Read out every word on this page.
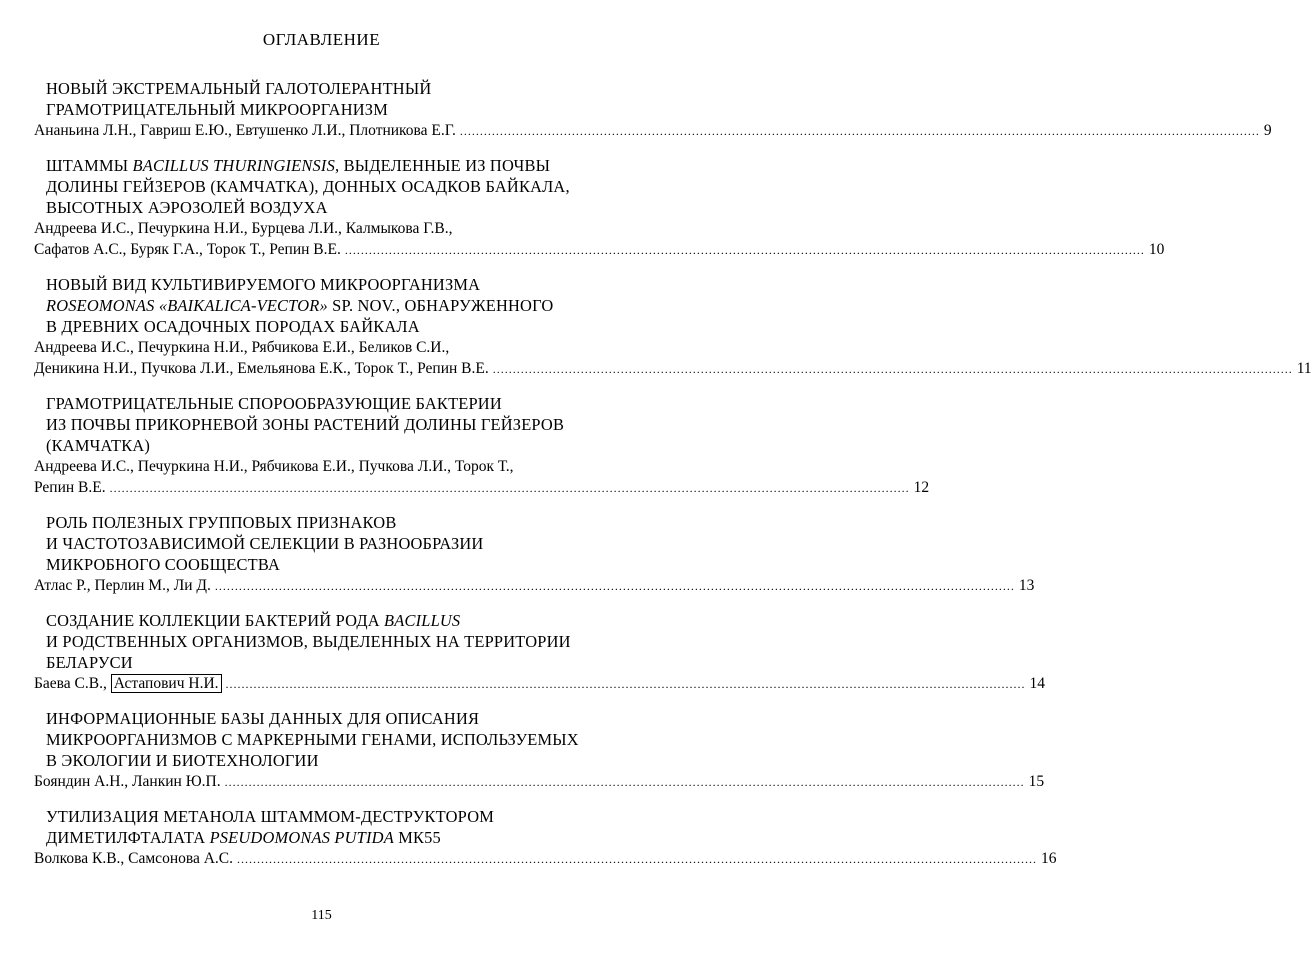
ОГЛАВЛЕНИЕ
НОВЫЙ ЭКСТРЕМАЛЬНЫЙ ГАЛОТОЛЕРАНТНЫЙ
ГРАМОТРИЦАТЕЛЬНЫЙ МИКРООРГАНИЗМ
Ананьина Л.Н., Гавриш Е.Ю., Евтушенко Л.И., Плотникова Е.Г. ........................................................................................................................................................................................................ 9
ШТАММЫ BACILLUS THURINGIENSIS, ВЫДЕЛЕННЫЕ ИЗ ПОЧВЫ
ДОЛИНЫ ГЕЙЗЕРОВ (КАМЧАТКА), ДОННЫХ ОСАДКОВ БАЙКАЛА,
ВЫСОТНЫХ АЭРОЗОЛЕЙ ВОЗДУХА
Андреева И.С., Печуркина Н.И., Бурцева Л.И., Калмыкова Г.В.,
Сафатов А.С., Буряк Г.А., Торок Т., Репин В.Е. ........................................................................................................................................................................................................ 10
НОВЫЙ ВИД КУЛЬТИВИРУЕМОГО МИКРООРГАНИЗМА
ROSEOMONAS «BAIKALICA-VECTOR» SP. NOV., ОБНАРУЖЕННОГО
В ДРЕВНИХ ОСАДОЧНЫХ ПОРОДАХ БАЙКАЛА
Андреева И.С., Печуркина Н.И., Рябчикова Е.И., Беликов С.И.,
Деникина Н.И., Пучкова Л.И., Емельянова Е.К., Торок Т., Репин В.Е. ........................................................................................................................................................................................................ 11
ГРАМОТРИЦАТЕЛЬНЫЕ СПОРООБРАЗУЮЩИЕ БАКТЕРИИ
ИЗ ПОЧВЫ ПРИКОРНЕВОЙ ЗОНЫ РАСТЕНИЙ ДОЛИНЫ ГЕЙЗЕРОВ
(КАМЧАТКА)
Андреева И.С., Печуркина Н.И., Рябчикова Е.И., Пучкова Л.И., Торок Т.,
Репин В.Е. ........................................................................................................................................................................................................ 12
РОЛЬ ПОЛЕЗНЫХ ГРУППОВЫХ ПРИЗНАКОВ
И ЧАСТОТОЗАВИСИМОЙ СЕЛЕКЦИИ В РАЗНООБРАЗИИ
МИКРОБНОГО СООБЩЕСТВА
Атлас Р., Перлин М., Ли Д. ........................................................................................................................................................................................................ 13
СОЗДАНИЕ КОЛЛЕКЦИИ БАКТЕРИЙ РОДА BACILLUS
И РОДСТВЕННЫХ ОРГАНИЗМОВ, ВЫДЕЛЕННЫХ НА ТЕРРИТОРИИ
БЕЛАРУСИ
Баева С.В., Астапович Н.И. ........................................................................................................................................................................................................ 14
ИНФОРМАЦИОННЫЕ БАЗЫ ДАННЫХ ДЛЯ ОПИСАНИЯ
МИКРООРГАНИЗМОВ С МАРКЕРНЫМИ ГЕНАМИ, ИСПОЛЬЗУЕМЫХ
В ЭКОЛОГИИ И БИОТЕХНОЛОГИИ
Бояндин А.Н., Ланкин Ю.П. ........................................................................................................................................................................................................ 15
УТИЛИЗАЦИЯ МЕТАНОЛА ШТАММОМ-ДЕСТРУКТОРОМ
ДИМЕТИЛФТАЛАТА PSEUDOMONAS PUTIDA МК55
Волкова К.В., Самсонова А.С. ........................................................................................................................................................................................................ 16
115
